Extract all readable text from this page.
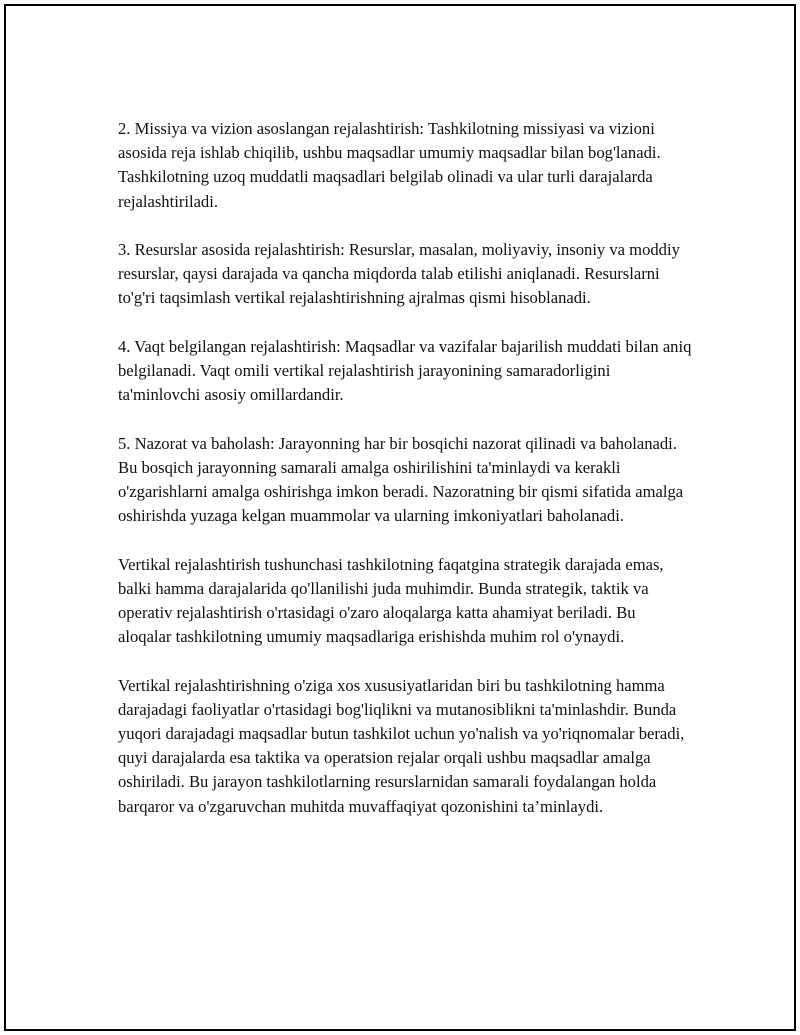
2. Missiya va vizion asoslangan rejalashtirish: Tashkilotning missiyasi va vizioni asosida reja ishlab chiqilib, ushbu maqsadlar umumiy maqsadlar bilan bog'lanadi. Tashkilotning uzoq muddatli maqsadlari belgilab olinadi va ular turli darajalarda rejalashtiriladi.

3. Resurslar asosida rejalashtirish: Resurslar, masalan, moliyaviy, insoniy va moddiy resurslar, qaysi darajada va qancha miqdorda talab etilishi aniqlanadi. Resurslarni to'g'ri taqsimlash vertikal rejalashtirishning ajralmas qismi hisoblanadi.

4. Vaqt belgilangan rejalashtirish: Maqsadlar va vazifalar bajarilish muddati bilan aniq belgilanadi. Vaqt omili vertikal rejalashtirish jarayonining samaradorligini ta'minlovchi asosiy omillardandir.

5. Nazorat va baholash: Jarayonning har bir bosqichi nazorat qilinadi va baholanadi. Bu bosqich jarayonning samarali amalga oshirilishini ta'minlaydi va kerakli o'zgarishlarni amalga oshirishga imkon beradi. Nazoratning bir qismi sifatida amalga oshirishda yuzaga kelgan muammolar va ularning imkoniyatlari baholanadi.

Vertikal rejalashtirish tushunchasi tashkilotning faqatgina strategik darajada emas, balki hamma darajalarida qo'llanilishi juda muhimdir. Bunda strategik, taktik va operativ rejalashtirish o'rtasidagi o'zaro aloqalarga katta ahamiyat beriladi. Bu aloqalar tashkilotning umumiy maqsadlariga erishishda muhim rol o'ynaydi.

Vertikal rejalashtirishning o'ziga xos xususiyatlaridan biri bu tashkilotning hamma darajadagi faoliyatlar o'rtasidagi bog'liqlikni va mutanosiblikni ta'minlashdir. Bunda yuqori darajadagi maqsadlar butun tashkilot uchun yo'nalish va yo'riqnomalar beradi, quyi darajalarda esa taktika va operatsion rejalar orqali ushbu maqsadlar amalga oshiriladi. Bu jarayon tashkilotlarning resurslarnidan samarali foydalangan holda barqaror va o'zgaruvchan muhitda muvaffaqiyat qozonishini ta’minlaydi.
